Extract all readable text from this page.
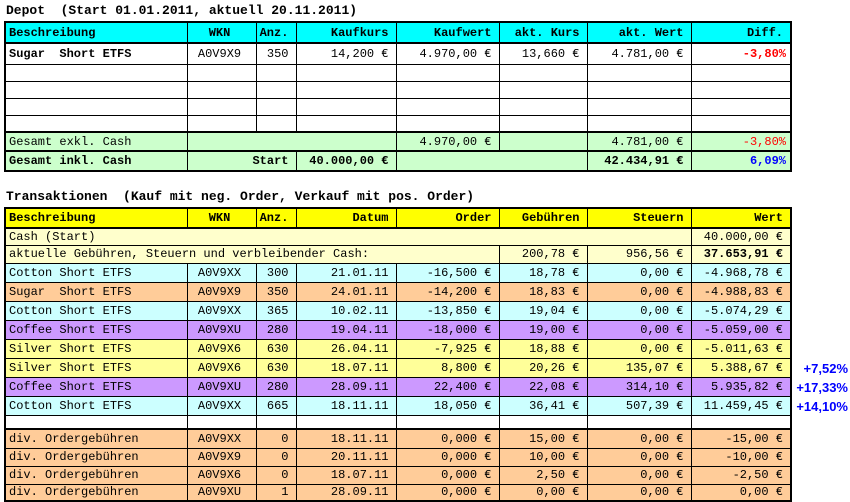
Depot  (Start 01.01.2011, aktuell 20.11.2011)
Beschreibung	WKN	Anz.	Kaufkurs	Kaufwert	akt. Kurs	akt. Wert	Diff.
Sugar  Short ETFS	A0V9X9	350	14,200 €	4.970,00 €	13,660 €	4.781,00 €	-3,80%

Gesamt exkl. Cash				4.970,00 €		4.781,00 €	-3,80%
Gesamt inkl. Cash	Start		40.000,00 €			42.434,91 €	6,09%
Transaktionen  (Kauf mit neg. Order, Verkauf mit pos. Order)
Beschreibung	WKN	Anz.	Datum	Order	Gebühren	Steuern	Wert
Cash (Start)							40.000,00 €
aktuelle Gebühren, Steuern und verbleibender Cash:					200,78 €	956,56 €	37.653,91 €
Cotton Short ETFS	A0V9XX	300	21.01.11	-16,500 €	18,78 €	0,00 €	-4.968,78 €
Sugar  Short ETFS	A0V9X9	350	24.01.11	-14,200 €	18,83 €	0,00 €	-4.988,83 €
Cotton Short ETFS	A0V9XX	365	10.02.11	-13,850 €	19,04 €	0,00 €	-5.074,29 €
Coffee Short ETFS	A0V9XU	280	19.04.11	-18,000 €	19,00 €	0,00 €	-5.059,00 €
Silver Short ETFS	A0V9X6	630	26.04.11	-7,925 €	18,88 €	0,00 €	-5.011,63 €
Silver Short ETFS	A0V9X6	630	18.07.11	8,800 €	20,26 €	135,07 €	5.388,67 €
Coffee Short ETFS	A0V9XU	280	28.09.11	22,400 €	22,08 €	314,10 €	5.935,82 €
Cotton Short ETFS	A0V9XX	665	18.11.11	18,050 €	36,41 €	507,39 €	11.459,45 €

div. Ordergebühren	A0V9XX	0	18.11.11	0,000 €	15,00 €	0,00 €	-15,00 €
div. Ordergebühren	A0V9X9	0	20.11.11	0,000 €	10,00 €	0,00 €	-10,00 €
div. Ordergebühren	A0V9X6	0	18.07.11	0,000 €	2,50 €	0,00 €	-2,50 €
div. Ordergebühren	A0V9XU	1	28.09.11	0,000 €	0,00 €	0,00 €	0,00 €
+7,52%
+17,33%
+14,10%
